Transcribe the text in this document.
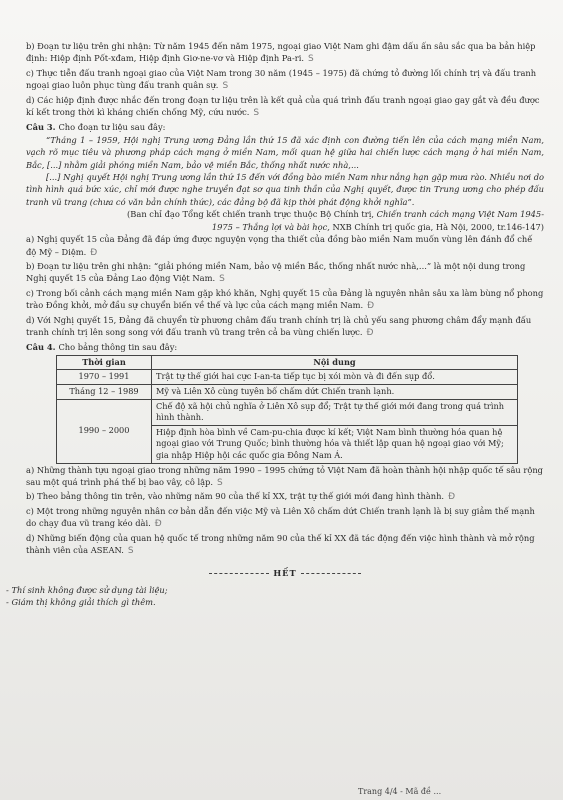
b) Đoạn tư liệu trên ghi nhận: Từ năm 1945 đến năm 1975, ngoại giao Việt Nam ghi đậm dấu ấn sâu sắc qua ba bản hiệp định: Hiệp định Pốt-xđam, Hiệp định Giơ-ne-vơ và Hiệp định Pa-ri. S

c) Thực tiễn đấu tranh ngoại giao của Việt Nam trong 30 năm (1945 – 1975) đã chứng tỏ đường lối chính trị và đấu tranh ngoại giao luôn phục tùng đấu tranh quân sự. S

d) Các hiệp định được nhắc đến trong đoạn tư liệu trên là kết quả của quá trình đấu tranh ngoại giao gay gắt và đều được kí kết trong thời kì kháng chiến chống Mỹ, cứu nước. S

Câu 3. Cho đoạn tư liệu sau đây:

“Tháng 1 – 1959, Hội nghị Trung ương Đảng lần thứ 15 đã xác định con đường tiến lên của cách mạng miền Nam, vạch rõ mục tiêu và phương pháp cách mạng ở miền Nam, mối quan hệ giữa hai chiến lược cách mạng ở hai miền Nam, Bắc, [...] nhằm giải phóng miền Nam, bảo vệ miền Bắc, thống nhất nước nhà,...

[...] Nghị quyết Hội nghị Trung ương lần thứ 15 đến với đồng bào miền Nam như nắng hạn gặp mưa rào. Nhiều nơi do tình hình quá bức xúc, chỉ mới được nghe truyền đạt sơ qua tinh thần của Nghị quyết, được tin Trung ương cho phép đấu tranh vũ trang (chưa có văn bản chính thức), các đảng bộ đã kịp thời phát động khởi nghĩa”.

(Ban chỉ đạo Tổng kết chiến tranh trực thuộc Bộ Chính trị, Chiến tranh cách mạng Việt Nam 1945-1975 – Thắng lợi và bài học, NXB Chính trị quốc gia, Hà Nội, 2000, tr.146-147)

a) Nghị quyết 15 của Đảng đã đáp ứng được nguyện vọng tha thiết của đồng bào miền Nam muốn vùng lên đánh đổ chế độ Mỹ – Diệm. Đ

b) Đoạn tư liệu trên ghi nhận: “giải phóng miền Nam, bảo vệ miền Bắc, thống nhất nước nhà,...” là một nội dung trong Nghị quyết 15 của Đảng Lao động Việt Nam. S

c) Trong bối cảnh cách mạng miền Nam gặp khó khăn, Nghị quyết 15 của Đảng là nguyên nhân sâu xa làm bùng nổ phong trào Đồng khởi, mở đầu sự chuyển biến về thế và lực của cách mạng miền Nam. Đ

d) Với Nghị quyết 15, Đảng đã chuyển từ phương châm đấu tranh chính trị là chủ yếu sang phương châm đẩy mạnh đấu tranh chính trị lên song song với đấu tranh vũ trang trên cả ba vùng chiến lược. Đ

Câu 4. Cho bảng thông tin sau đây:

Thời gian	Nội dung
1970 – 1991	Trật tự thế giới hai cực I-an-ta tiếp tục bị xói mòn và đi đến sụp đổ.
Tháng 12 – 1989	Mỹ và Liên Xô cùng tuyên bố chấm dứt Chiến tranh lạnh.
1990 – 2000	Chế độ xã hội chủ nghĩa ở Liên Xô sụp đổ; Trật tự thế giới mới đang trong quá trình hình thành.
	Hiệp định hòa bình về Cam-pu-chia được kí kết; Việt Nam bình thường hóa quan hệ ngoại giao với Trung Quốc; bình thường hóa và thiết lập quan hệ ngoại giao với Mỹ; gia nhập Hiệp hội các quốc gia Đông Nam Á.

a) Những thành tựu ngoại giao trong những năm 1990 – 1995 chứng tỏ Việt Nam đã hoàn thành hội nhập quốc tế sâu rộng sau một quá trình phá thế bị bao vây, cô lập. S

b) Theo bảng thông tin trên, vào những năm 90 của thế kỉ XX, trật tự thế giới mới đang hình thành. Đ

c) Một trong những nguyên nhân cơ bản dẫn đến việc Mỹ và Liên Xô chấm dứt Chiến tranh lạnh là bị suy giảm thế mạnh do chạy đua vũ trang kéo dài. Đ

d) Những biến động của quan hệ quốc tế trong những năm 90 của thế kỉ XX đã tác động đến việc hình thành và mở rộng thành viên của ASEAN. S

HẾT

- Thí sinh không được sử dụng tài liệu;

- Giám thị không giải thích gì thêm.

Trang 4/4 - Mã đề ...
